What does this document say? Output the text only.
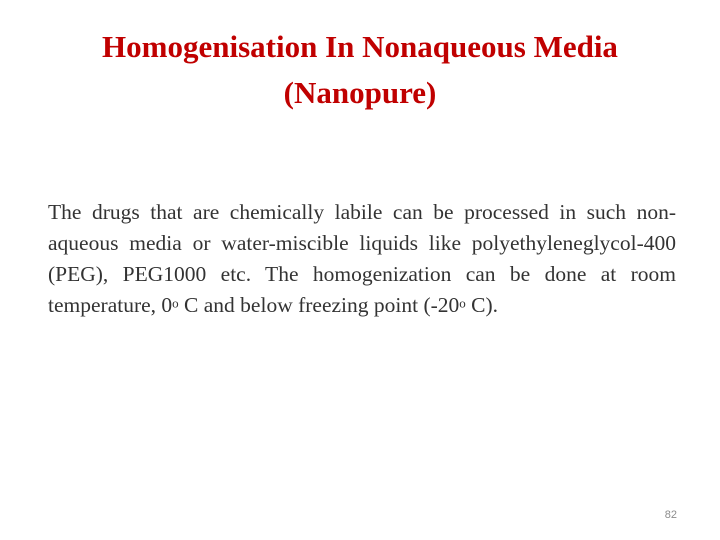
Homogenisation In Nonaqueous Media
(Nanopure)

The drugs that are chemically labile can be processed in such non-aqueous media or water-miscible liquids like polyethyleneglycol-400 (PEG), PEG1000 etc. The homogenization can be done at room temperature, 0$^o$ C and below freezing point (-20$^o$ C).

82
